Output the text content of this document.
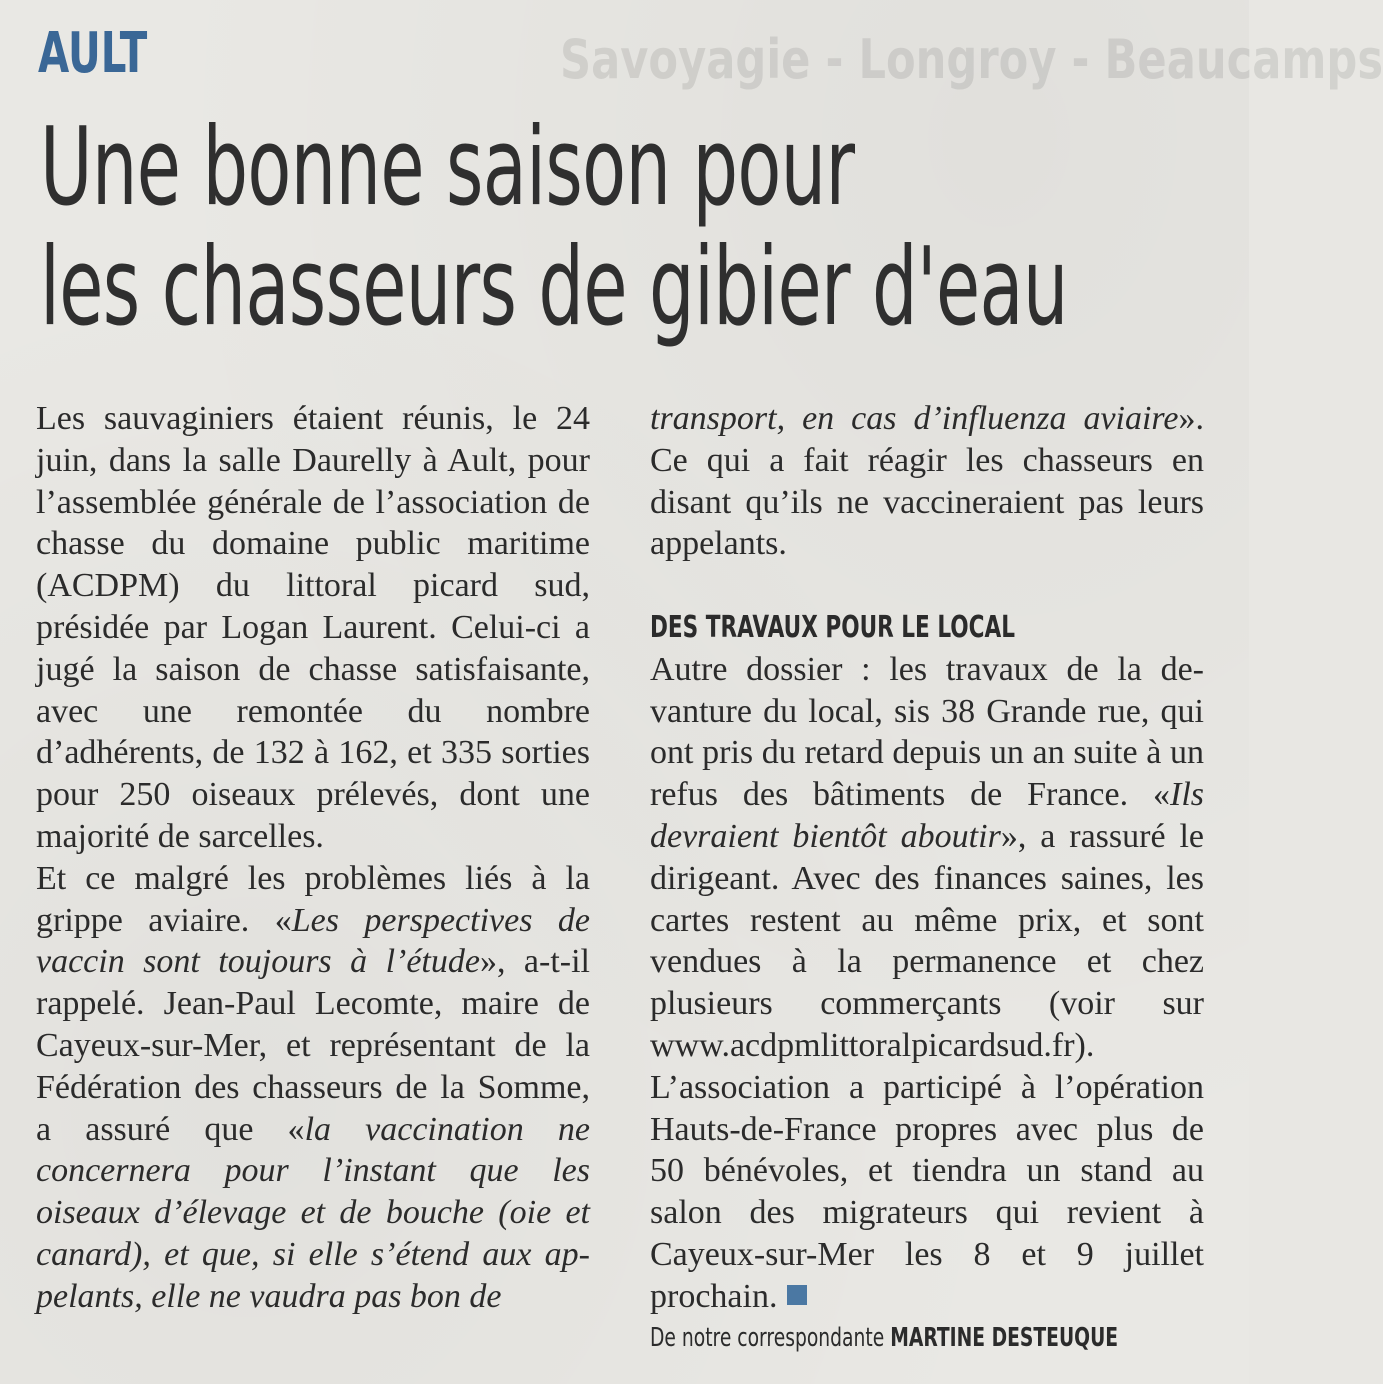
Savoyagie - Longroy - Beaucamps
AULT
Une bonne saison pour
les chasseurs de gibier d'eau

Les sauvaginiers étaient réunis, le 24 juin, dans la salle Daurelly à Ault, pour l’assemblée générale de l’association de chasse du domaine public maritime (ACDPM) du littoral picard sud, présidée par Logan Laurent. Celui-ci a jugé la saison de chasse satisfaisante, avec une remontée du nombre d’adhérents, de 132 à 162, et 335 sorties pour 250 oiseaux prélevés, dont une majorité de sarcelles.

Et ce malgré les problèmes liés à la grippe aviaire. «Les perspectives de vaccin sont toujours à l’étude», a-t-il rappelé. Jean-Paul Lecomte, maire de Cayeux-sur-Mer, et représentant de la Fédération des chasseurs de la Somme, a assuré que «la vaccination ne concernera pour l’instant que les oiseaux d’élevage et de bouche (oie et canard), et que, si elle s’étend aux appelants, elle ne vaudra pas bon de

transport, en cas d’influenza aviaire». Ce qui a fait réagir les chasseurs en disant qu’ils ne vaccineraient pas leurs appelants.

DES TRAVAUX POUR LE LOCAL

Autre dossier : les travaux de la devanture du local, sis 38 Grande rue, qui ont pris du retard depuis un an suite à un refus des bâtiments de France. «Ils devraient bientôt aboutir», a rassuré le dirigeant. Avec des finances saines, les cartes restent au même prix, et sont vendues à la permanence et chez plusieurs commerçants (voir sur www.acdpmlittoralpicardsud.fr). L’association a participé à l’opération Hauts-de-France propres avec plus de 50 bénévoles, et tiendra un stand au salon des migrateurs qui revient à Cayeux-sur-Mer les 8 et 9 juillet prochain.

De notre correspondante MARTINE DESTEUQUE
